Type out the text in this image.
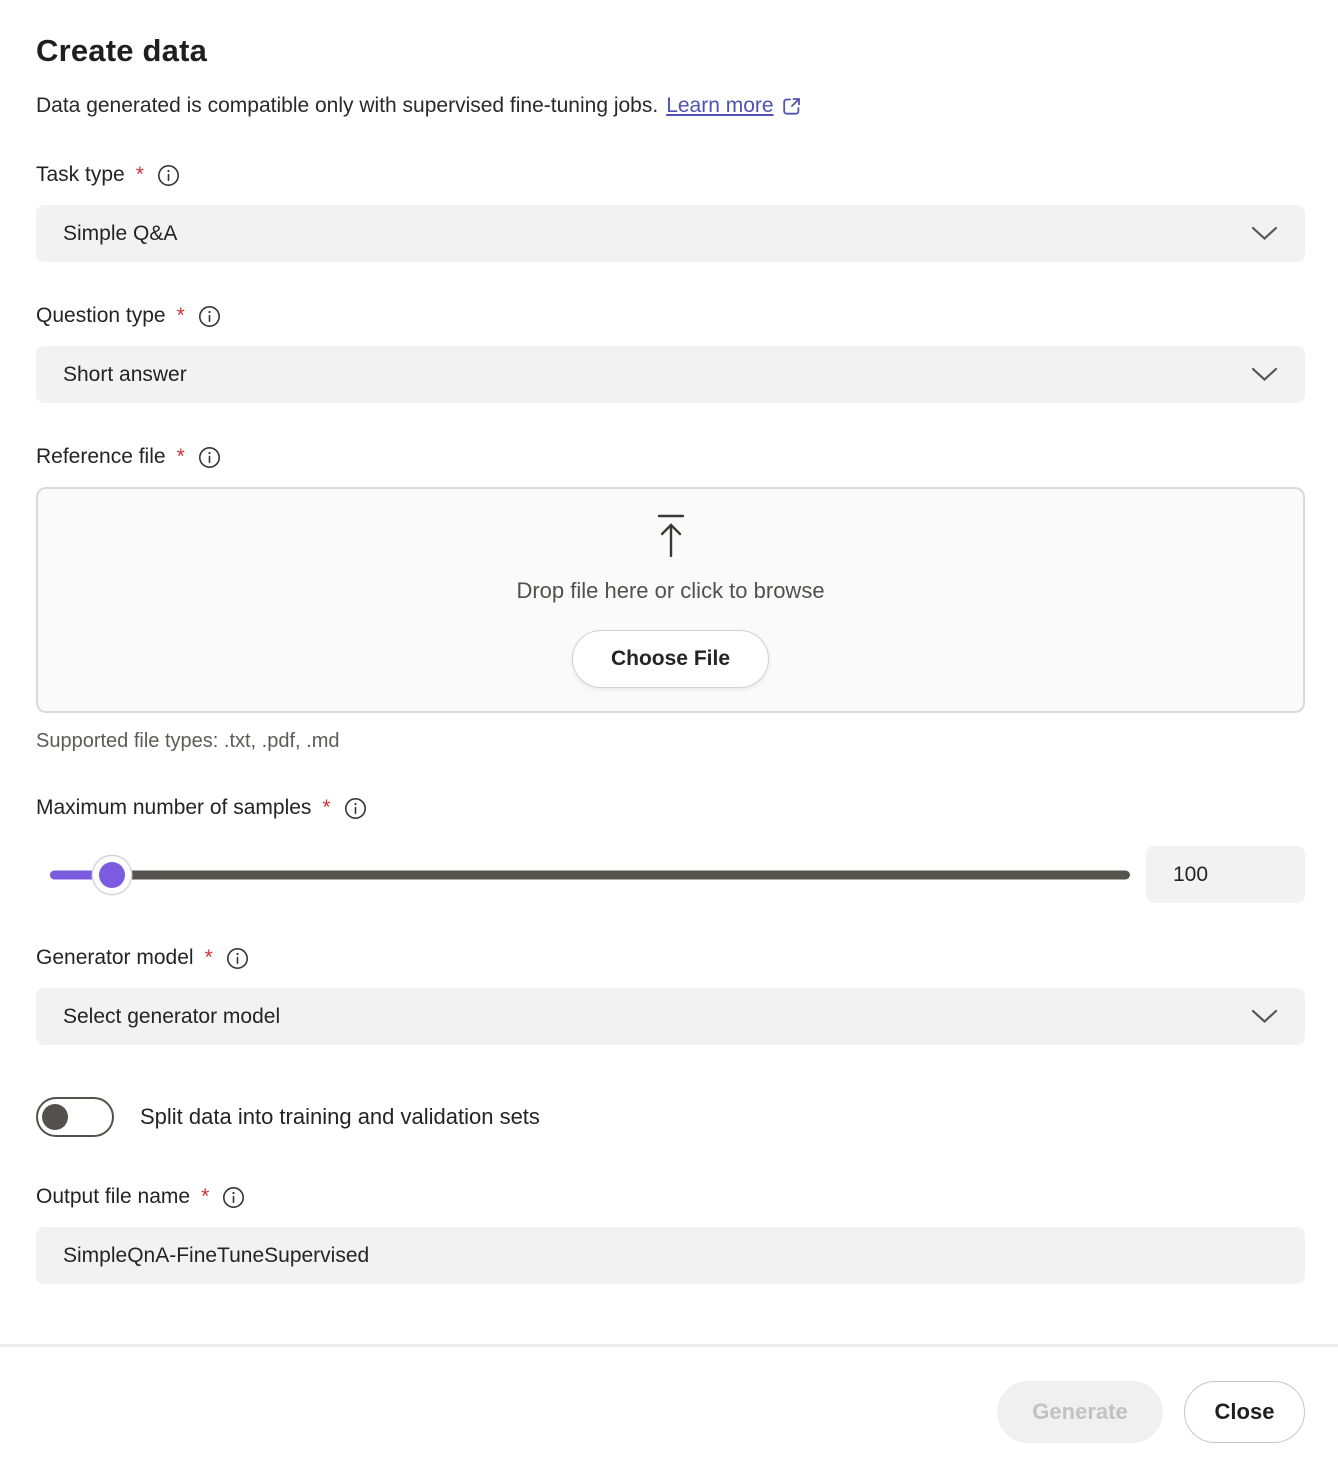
Create data

Data generated is compatible only with supervised fine-tuning jobs. Learn more

Task type *
Simple Q&A
Question type *
Short answer
Reference file *
Drop file here or click to browse
Choose File
Supported file types: .txt, .pdf, .md
Maximum number of samples *
100
Generator model *
Select generator model
Split data into training and validation sets
Output file name *
SimpleQnA-FineTuneSupervised
Generate	Close
